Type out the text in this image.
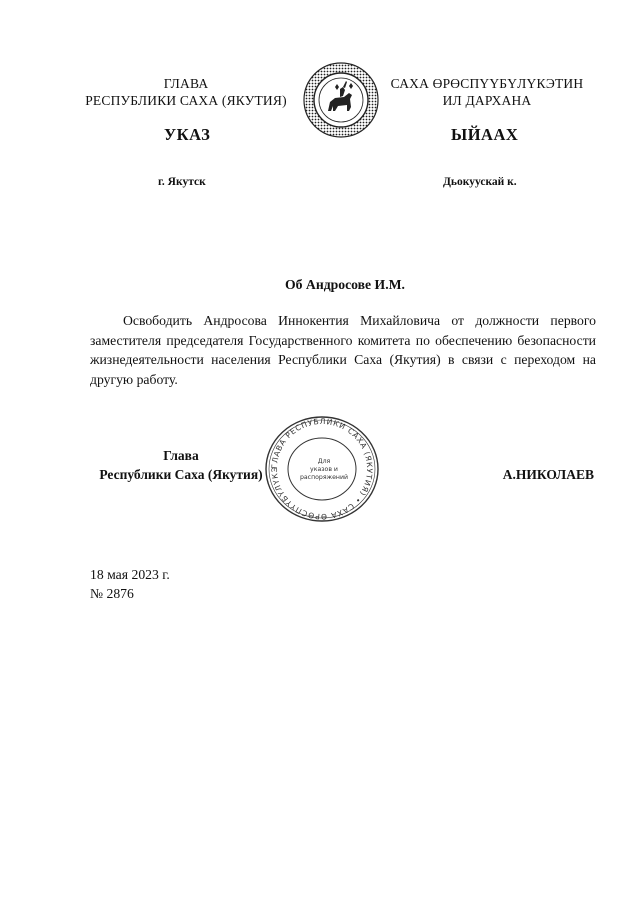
ГЛАВА
РЕСПУБЛИКИ САХА (ЯКУТИЯ)
САХА ӨРӨСПҮҮБҮЛҮКЭТИН
ИЛ ДАРХАНА
УКАЗ	ЫЙААХ
г. Якутск	Дьокуускай к.
Об Андросове И.М.

Освободить Андросова Иннокентия Михайловича от должности первого заместителя председателя Государственного комитета по обеспечению безопасности жизнедеятельности населения Республики Саха (Якутия) в связи с переходом на другую работу.

Глава
Республики Саха (Якутия)	А.НИКОЛАЕВ
ГЛАВА РЕСПУБЛИКИ САХА (ЯКУТИЯ) • САХА ӨРӨСПҮҮБҮЛҮКЭ
Для
указов и
распоряжений
18 мая 2023 г.
№ 2876
